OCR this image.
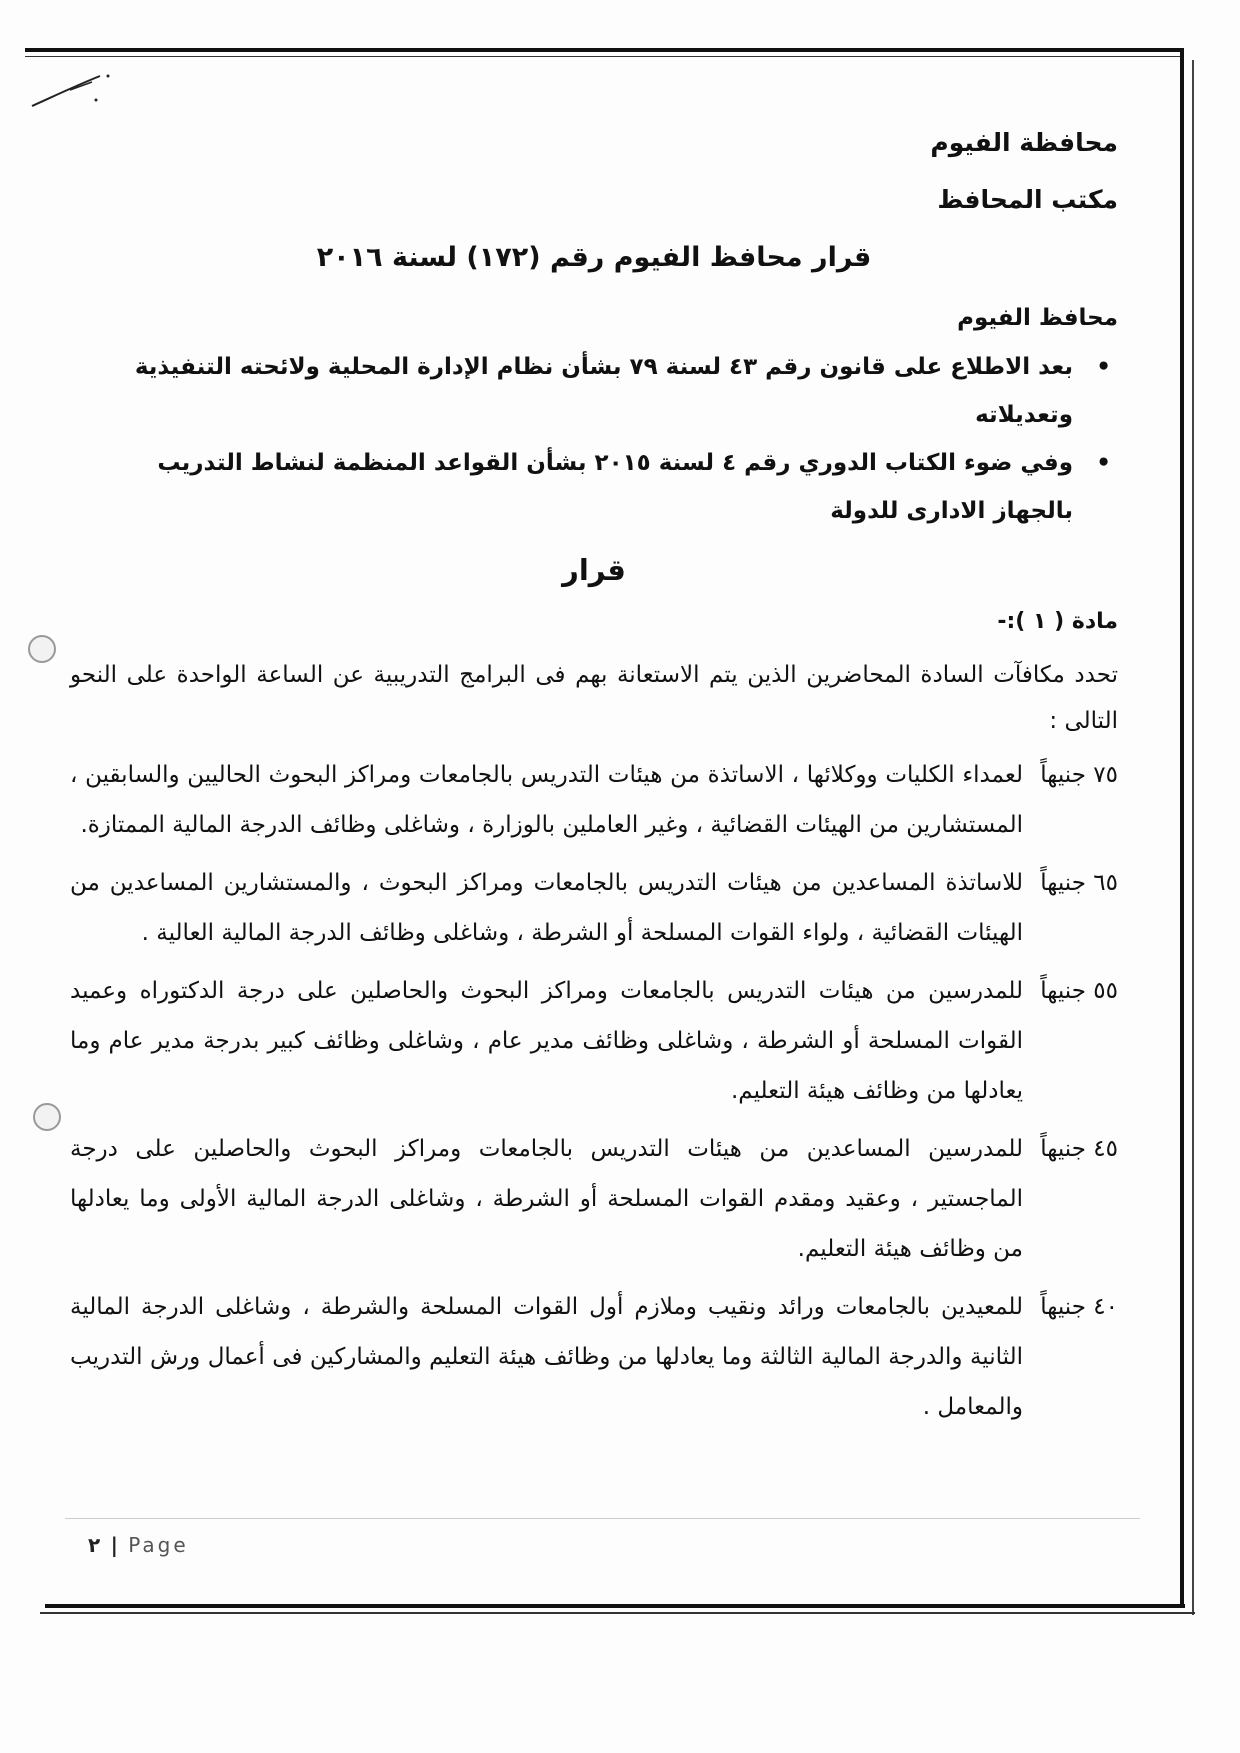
محافظة الفيوم
مكتب المحافظ
قرار محافظ الفيوم رقم (١٧٢) لسنة ٢٠١٦
محافظ الفيوم
•
بعد الاطلاع على قانون رقم ٤٣ لسنة ٧٩ بشأن نظام الإدارة المحلية ولائحته التنفيذية وتعديلاته
•
وفي ضوء الكتاب الدوري رقم ٤ لسنة ٢٠١٥ بشأن القواعد المنظمة لنشاط التدريب بالجهاز الادارى للدولة
قرار
مادة ( ١ ):-
تحدد مكافآت السادة المحاضرين الذين يتم الاستعانة بهم فى البرامج التدريبية عن الساعة الواحدة على النحو التالى :
٧٥ جنيهاً
لعمداء الكليات ووكلائها ، الاساتذة من هيئات التدريس بالجامعات ومراكز البحوث الحاليين والسابقين ، المستشارين من الهيئات القضائية ، وغير العاملين بالوزارة ، وشاغلى وظائف الدرجة المالية الممتازة.
٦٥ جنيهاً
للاساتذة المساعدين من هيئات التدريس بالجامعات ومراكز البحوث ، والمستشارين المساعدين من الهيئات القضائية ، ولواء القوات المسلحة أو الشرطة ، وشاغلى وظائف الدرجة المالية العالية .
٥٥ جنيهاً
للمدرسين من هيئات التدريس بالجامعات ومراكز البحوث والحاصلين على درجة الدكتوراه وعميد القوات المسلحة أو الشرطة ، وشاغلى وظائف مدير عام ، وشاغلى وظائف كبير بدرجة مدير عام وما يعادلها من وظائف هيئة التعليم.
٤٥ جنيهاً
للمدرسين المساعدين من هيئات التدريس بالجامعات ومراكز البحوث والحاصلين على درجة الماجستير ، وعقيد ومقدم القوات المسلحة أو الشرطة ، وشاغلى الدرجة المالية الأولى وما يعادلها من وظائف هيئة التعليم.
٤٠ جنيهاً
للمعيدين بالجامعات ورائد ونقيب وملازم أول القوات المسلحة والشرطة ، وشاغلى الدرجة المالية الثانية والدرجة المالية الثالثة وما يعادلها من وظائف هيئة التعليم والمشاركين فى أعمال ورش التدريب والمعامل .
٢ | Page
